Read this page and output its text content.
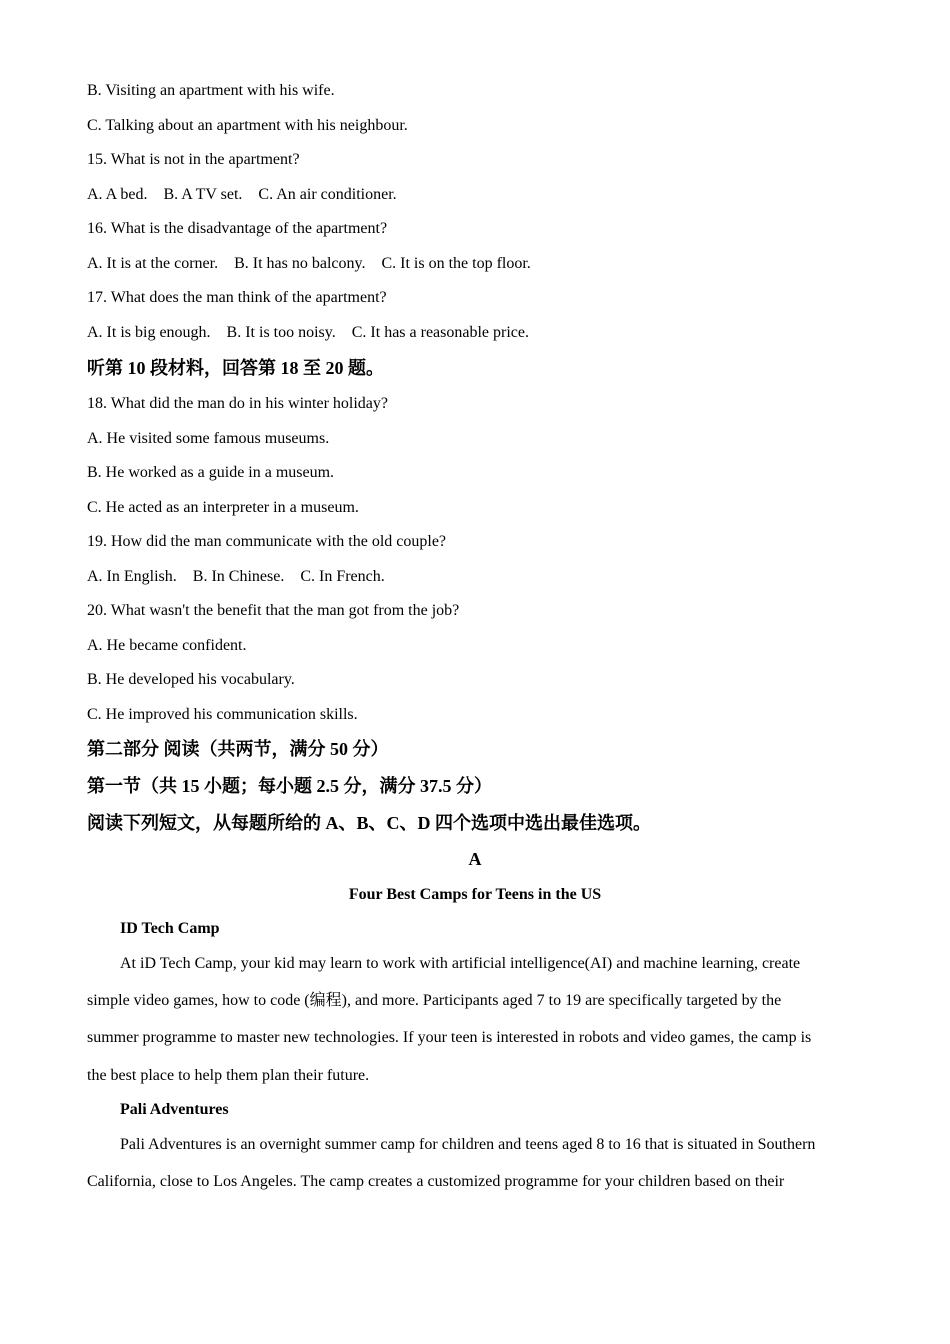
B. Visiting an apartment with his wife.
C. Talking about an apartment with his neighbour.
15. What is not in the apartment?
A. A bed.    B. A TV set.    C. An air conditioner.
16. What is the disadvantage of the apartment?
A. It is at the corner.    B. It has no balcony.    C. It is on the top floor.
17. What does the man think of the apartment?
A. It is big enough.    B. It is too noisy.    C. It has a reasonable price.
听第 10 段材料，回答第 18 至 20 题。
18. What did the man do in his winter holiday?
A. He visited some famous museums.
B. He worked as a guide in a museum.
C. He acted as an interpreter in a museum.
19. How did the man communicate with the old couple?
A. In English.    B. In Chinese.    C. In French.
20. What wasn't the benefit that the man got from the job?
A. He became confident.
B. He developed his vocabulary.
C. He improved his communication skills.
第二部分 阅读（共两节，满分 50 分）
第一节（共 15 小题；每小题 2.5 分，满分 37.5 分）
阅读下列短文，从每题所给的 A、B、C、D 四个选项中选出最佳选项。
A
Four Best Camps for Teens in the US
ID Tech Camp
At iD Tech Camp, your kid may learn to work with artificial intelligence(AI) and machine learning, create
simple video games, how to code (编程), and more. Participants aged 7 to 19 are specifically targeted by the
summer programme to master new technologies. If your teen is interested in robots and video games, the camp is
the best place to help them plan their future.
Pali Adventures
Pali Adventures is an overnight summer camp for children and teens aged 8 to 16 that is situated in Southern
California, close to Los Angeles. The camp creates a customized programme for your children based on their
